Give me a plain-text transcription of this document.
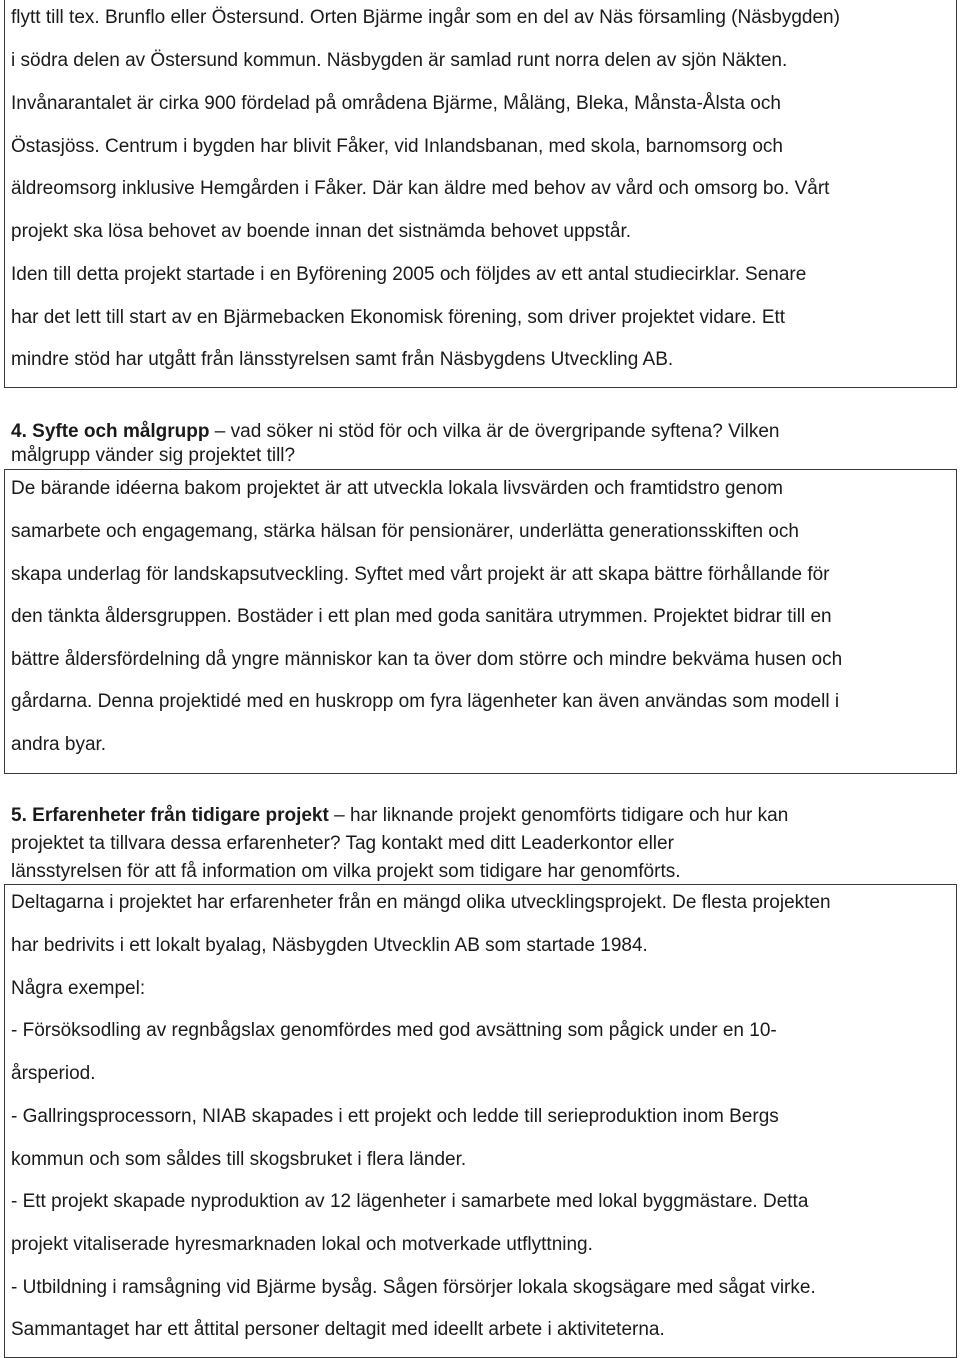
flytt till tex. Brunflo eller Östersund. Orten Bjärme ingår som en del av Näs församling (Näsbygden)
i södra delen av Östersund kommun. Näsbygden är samlad runt norra delen av sjön Näkten.
Invånarantalet är cirka 900 fördelad på områdena Bjärme, Måläng, Bleka, Månsta-Ålsta och
Östasjöss. Centrum i bygden har blivit Fåker, vid Inlandsbanan, med skola, barnomsorg och
äldreomsorg inklusive Hemgården i Fåker. Där kan äldre med behov av vård och omsorg bo. Vårt
projekt ska lösa behovet av boende innan det sistnämda behovet uppstår.
Iden till detta projekt startade i en Byförening 2005 och följdes av ett antal studiecirklar. Senare
har det lett till start av en Bjärmebacken Ekonomisk förening, som driver projektet vidare. Ett
mindre stöd har utgått från länsstyrelsen samt från Näsbygdens Utveckling AB.
4. Syfte och målgrupp – vad söker ni stöd för och vilka är de övergripande syftena? Vilken
målgrupp vänder sig projektet till?
De bärande idéerna bakom projektet är att utveckla lokala livsvärden och framtidstro genom
samarbete och engagemang, stärka hälsan för pensionärer, underlätta generationsskiften och
skapa underlag för landskapsutveckling. Syftet med vårt projekt är att skapa bättre förhållande för
den tänkta åldersgruppen. Bostäder i ett plan med goda sanitära utrymmen. Projektet bidrar till en
bättre åldersfördelning då yngre människor kan ta över dom större och mindre bekväma husen och
gårdarna. Denna projektidé med en huskropp om fyra lägenheter kan även användas som modell i
andra byar.
5. Erfarenheter från tidigare projekt – har liknande projekt genomförts tidigare och hur kan
projektet ta tillvara dessa erfarenheter? Tag kontakt med ditt Leaderkontor eller
länsstyrelsen för att få information om vilka projekt som tidigare har genomförts.
Deltagarna i projektet har erfarenheter från en mängd olika utvecklingsprojekt. De flesta projekten
har bedrivits i ett lokalt byalag, Näsbygden Utvecklin AB som startade 1984.
Några exempel:
- Försöksodling av regnbågslax genomfördes med god avsättning som pågick under en 10-
årsperiod.
- Gallringsprocessorn, NIAB skapades i ett projekt och ledde till serieproduktion inom Bergs
kommun och som såldes till skogsbruket i flera länder.
- Ett projekt skapade nyproduktion av 12 lägenheter i samarbete med lokal byggmästare. Detta
projekt vitaliserade hyresmarknaden lokal och motverkade utflyttning.
- Utbildning i ramsågning vid Bjärme bysåg. Sågen försörjer lokala skogsägare med sågat virke.
Sammantaget har ett åttital personer deltagit med ideellt arbete i aktiviteterna.
